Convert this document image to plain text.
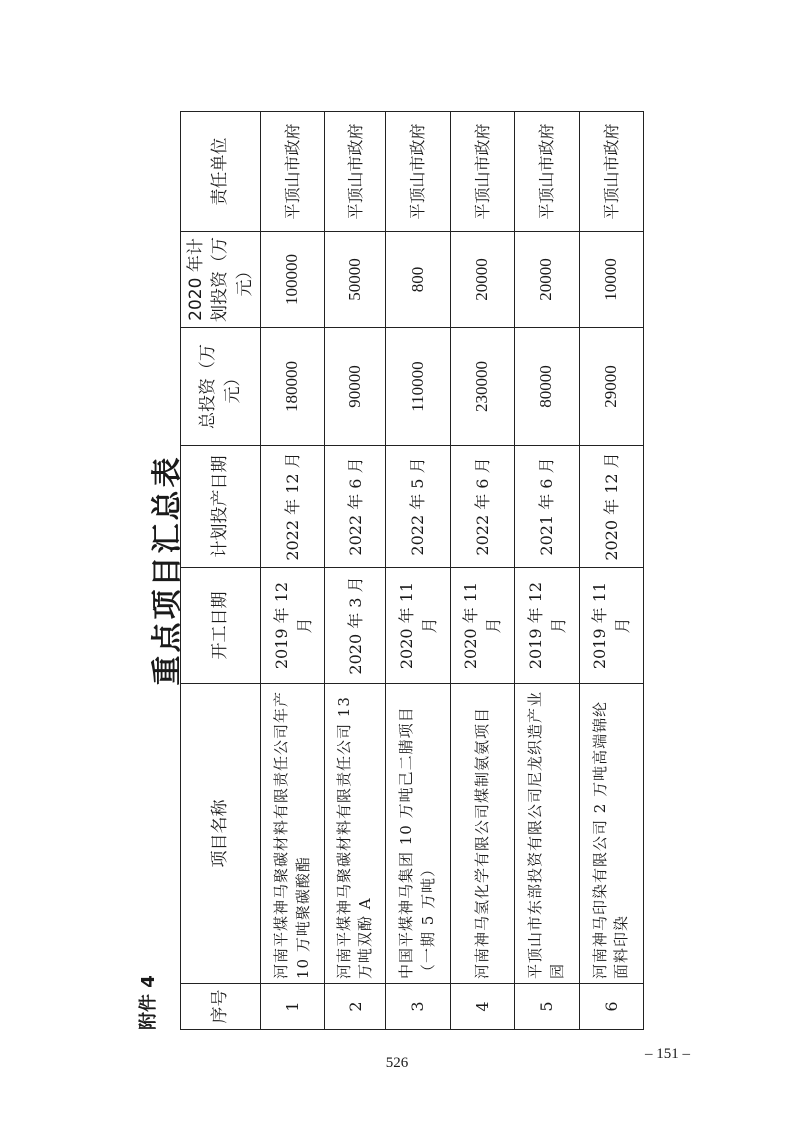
附件 4
重点项目汇总表
序号	项目名称	开工日期	计划投产日期	总投资（万元）	2020 年计划投资（万元）	责任单位
1	河南平煤神马聚碳材料有限责任公司年产 10 万吨聚碳酸酯	2019 年 12 月	2022 年 12 月	180000	100000	平顶山市政府
2	河南平煤神马聚碳材料有限责任公司 13 万吨双酚 A	2020 年 3 月	2022 年 6 月	90000	50000	平顶山市政府
3	中国平煤神马集团 10 万吨己二腈项目（一期 5 万吨）	2020 年 11 月	2022 年 5 月	110000	800	平顶山市政府
4	河南神马氢化学有限公司煤制氨氨项目	2020 年 11 月	2022 年 6 月	230000	20000	平顶山市政府
5	平顶山市东部投资有限公司尼龙织造产业园	2019 年 12 月	2021 年 6 月	80000	20000	平顶山市政府
6	河南神马印染有限公司 2 万吨高端锦纶面料印染	2019 年 11 月	2020 年 12 月	29000	10000	平顶山市政府
526
– 151 –
